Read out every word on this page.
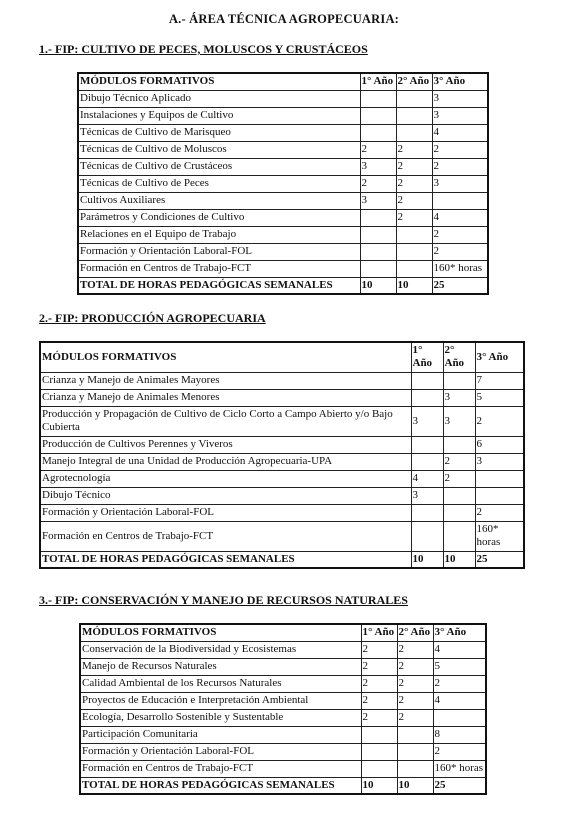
A.- ÁREA TÉCNICA AGROPECUARIA:
1.- FIP: CULTIVO DE PECES, MOLUSCOS Y CRUSTÁCEOS
MÓDULOS FORMATIVOS	1° Año	2° Año	3° Año
Dibujo Técnico Aplicado			3
Instalaciones y Equipos de Cultivo			3
Técnicas de Cultivo de Marisqueo			4
Técnicas de Cultivo de Moluscos	2	2	2
Técnicas de Cultivo de Crustáceos	3	2	2
Técnicas de Cultivo de Peces	2	2	3
Cultivos Auxiliares	3	2	
Parámetros y Condiciones de Cultivo		2	4
Relaciones en el Equipo de Trabajo			2
Formación y Orientación Laboral-FOL			2
Formación en Centros de Trabajo-FCT			160* horas
TOTAL DE HORAS PEDAGÓGICAS SEMANALES	10	10	25
2.- FIP: PRODUCCIÓN AGROPECUARIA
MÓDULOS FORMATIVOS	1° Año	2° Año	3° Año
Crianza y Manejo de Animales Mayores			7
Crianza y Manejo de Animales Menores		3	5
Producción y Propagación de Cultivo de Ciclo Corto a Campo Abierto y/o Bajo Cubierta	3	3	2
Producción de Cultivos Perennes y Viveros			6
Manejo Integral de una Unidad de Producción Agropecuaria-UPA		2	3
Agrotecnología	4	2	
Dibujo Técnico	3		
Formación y Orientación Laboral-FOL			2
Formación en Centros de Trabajo-FCT			160* horas
TOTAL DE HORAS PEDAGÓGICAS SEMANALES	10	10	25
3.- FIP: CONSERVACIÓN Y MANEJO DE RECURSOS NATURALES
MÓDULOS FORMATIVOS	1° Año	2° Año	3° Año
Conservación de la Biodiversidad y Ecosistemas	2	2	4
Manejo de Recursos Naturales	2	2	5
Calidad Ambiental de los Recursos Naturales	2	2	2
Proyectos de Educación e Interpretación Ambiental	2	2	4
Ecología, Desarrollo Sostenible y Sustentable	2	2	
Participación Comunitaria			8
Formación y Orientación Laboral-FOL			2
Formación en Centros de Trabajo-FCT			160* horas
TOTAL DE HORAS PEDAGÓGICAS SEMANALES	10	10	25
